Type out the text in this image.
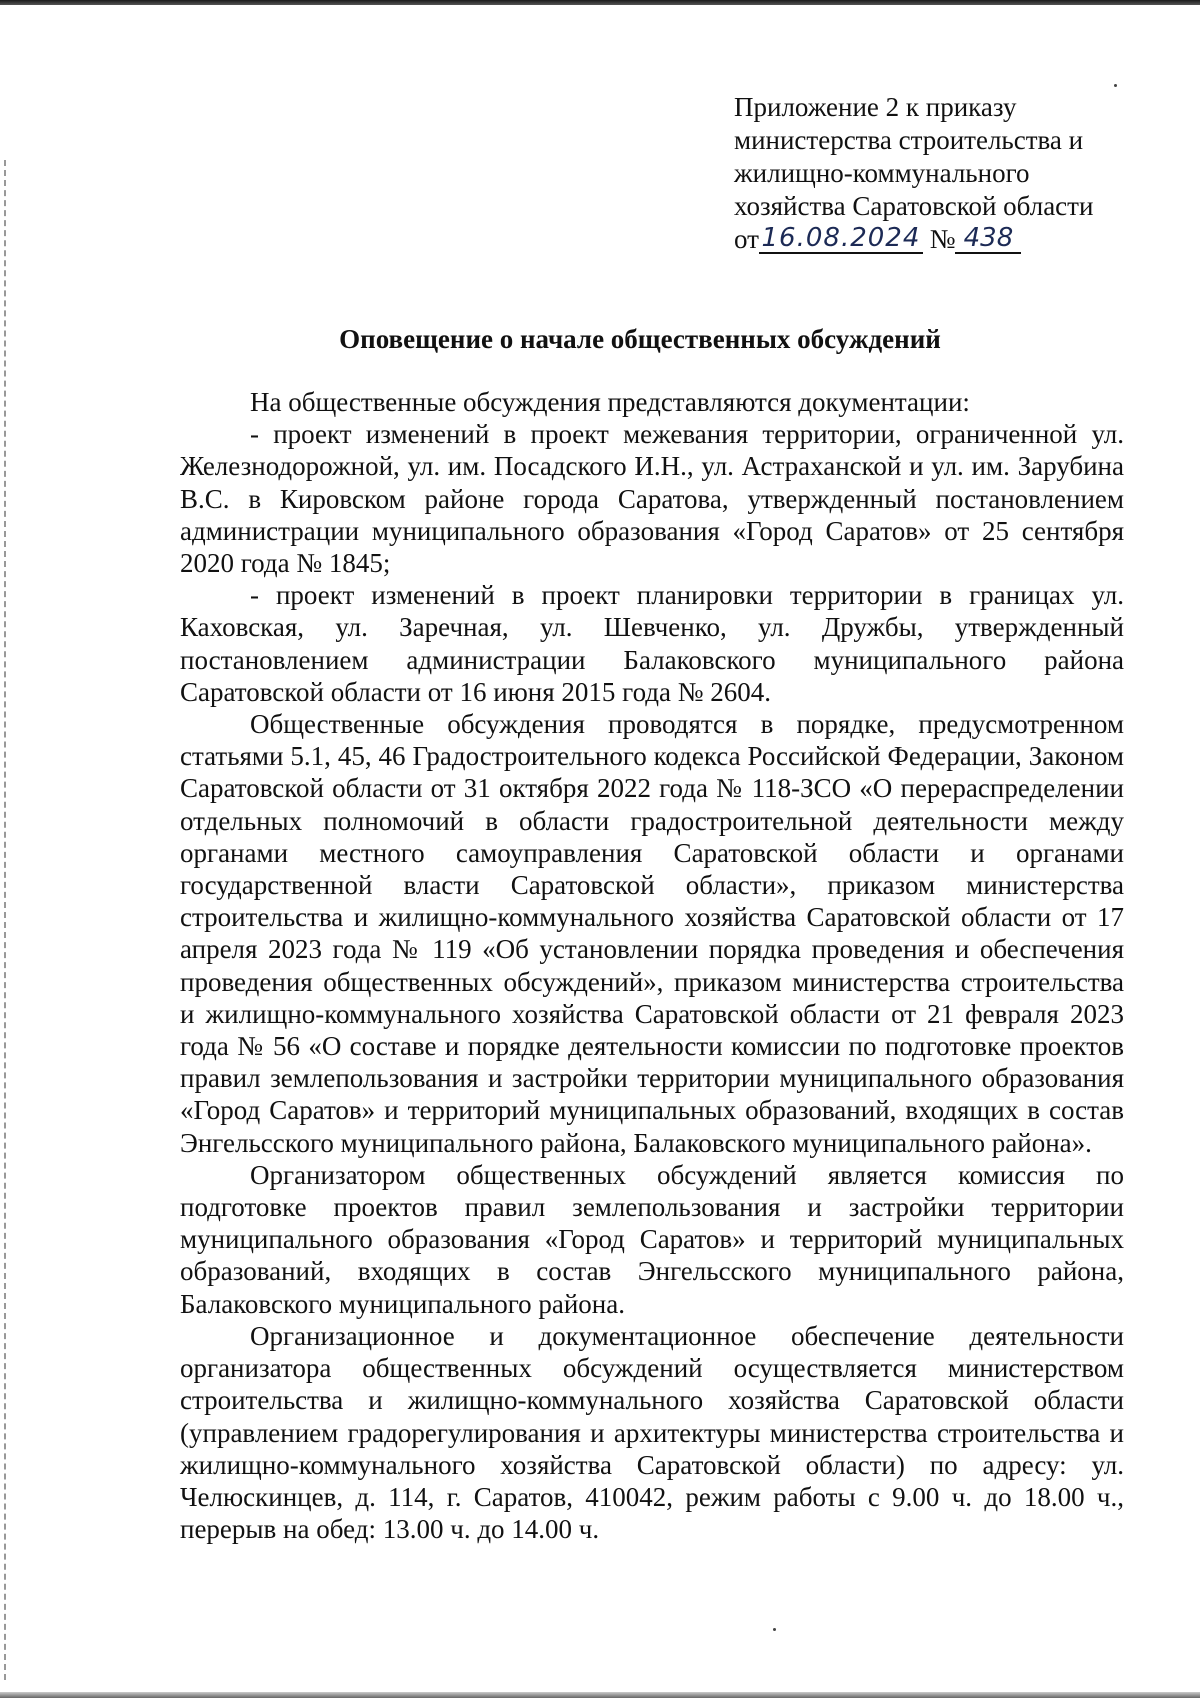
Приложение 2 к приказу
министерства строительства и
жилищно-коммунального
хозяйства Саратовской области
от16.08.2024 № 438
Оповещение о начале общественных обсуждений

На общественные обсуждения представляются документации:

- проект изменений в проект межевания территории, ограниченной ул. Железнодорожной, ул. им. Посадского И.Н., ул. Астраханской и ул. им. Зарубина В.С. в Кировском районе города Саратова, утвержденный постановлением администрации муниципального образования «Город Саратов» от 25 сентября 2020 года № 1845;

- проект изменений в проект планировки территории в границах ул. Каховская, ул. Заречная, ул. Шевченко, ул. Дружбы, утвержденный постановлением администрации Балаковского муниципального района Саратовской области от 16 июня 2015 года № 2604.

Общественные обсуждения проводятся в порядке, предусмотренном статьями 5.1, 45, 46 Градостроительного кодекса Российской Федерации, Законом Саратовской области от 31 октября 2022 года № 118-ЗСО «О перераспределении отдельных полномочий в области градостроительной деятельности между органами местного самоуправления Саратовской области и органами государственной власти Саратовской области», приказом министерства строительства и жилищно-коммунального хозяйства Саратовской области от 17 апреля 2023 года № 119 «Об установлении порядка проведения и обеспечения проведения общественных обсуждений», приказом министерства строительства и жилищно-коммунального хозяйства Саратовской области от 21 февраля 2023 года № 56 «О составе и порядке деятельности комиссии по подготовке проектов правил землепользования и застройки территории муниципального образования «Город Саратов» и территорий муниципальных образований, входящих в состав Энгельсского муниципального района, Балаковского муниципального района».

Организатором общественных обсуждений является комиссия по подготовке проектов правил землепользования и застройки территории муниципального образования «Город Саратов» и территорий муниципальных образований, входящих в состав Энгельсского муниципального района, Балаковского муниципального района.

Организационное и документационное обеспечение деятельности организатора общественных обсуждений осуществляется министерством строительства и жилищно-коммунального хозяйства Саратовской области (управлением градорегулирования и архитектуры министерства строительства и жилищно-коммунального хозяйства Саратовской области) по адресу: ул. Челюскинцев, д. 114, г. Саратов, 410042, режим работы с 9.00 ч. до 18.00 ч., перерыв на обед: 13.00 ч. до 14.00 ч.
